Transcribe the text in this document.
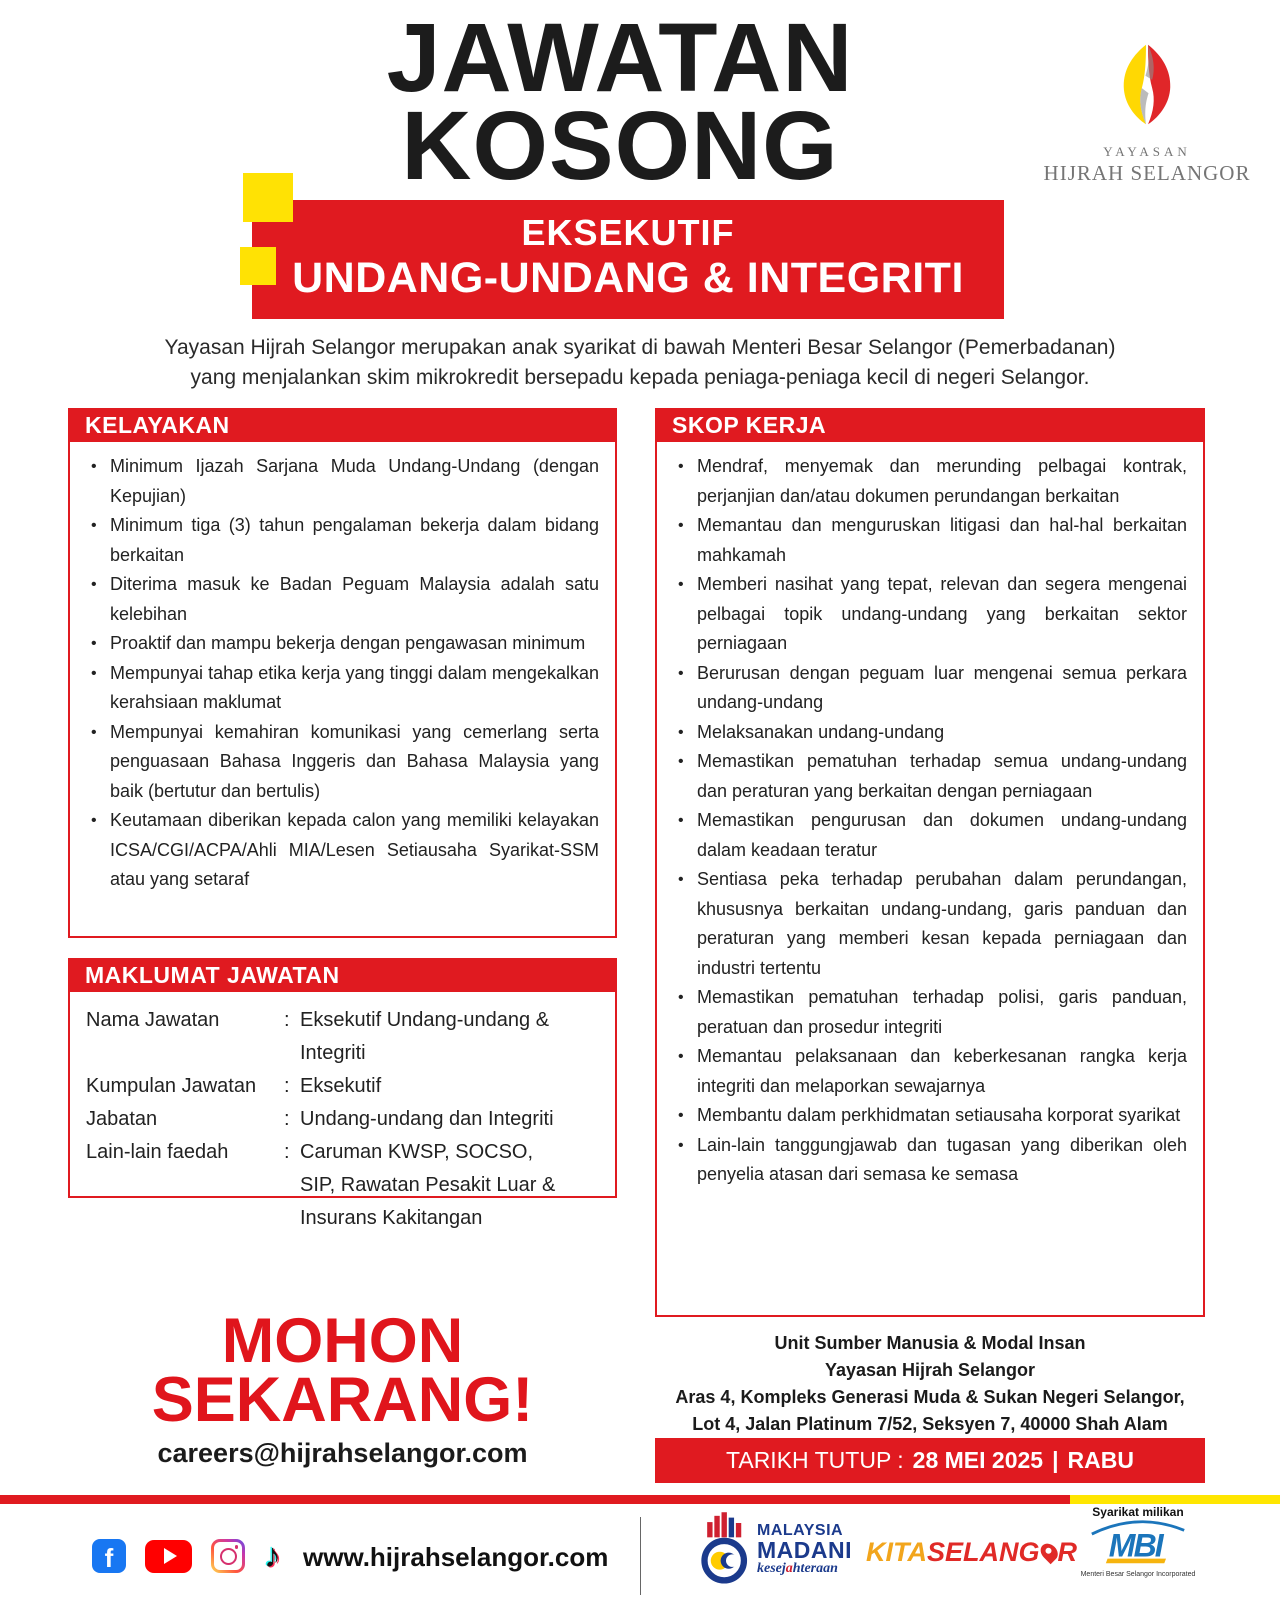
JAWATAN
KOSONG	YAYASAN
HIJRAH SELANGOR
EKSEKUTIF
UNDANG-UNDANG & INTEGRITI
Yayasan Hijrah Selangor merupakan anak syarikat di bawah Menteri Besar Selangor (Pemerbadanan)
yang menjalankan skim mikrokredit bersepadu kepada peniaga-peniaga kecil di negeri Selangor.
KELAYAKAN
• Minimum Ijazah Sarjana Muda Undang-Undang (dengan Kepujian)
• Minimum tiga (3) tahun pengalaman bekerja dalam bidang berkaitan
• Diterima masuk ke Badan Peguam Malaysia adalah satu kelebihan
• Proaktif dan mampu bekerja dengan pengawasan minimum
• Mempunyai tahap etika kerja yang tinggi dalam mengekalkan kerahsiaan maklumat
• Mempunyai kemahiran komunikasi yang cemerlang serta penguasaan Bahasa Inggeris dan Bahasa Malaysia yang baik (bertutur dan bertulis)
• Keutamaan diberikan kepada calon yang memiliki kelayakan ICSA/CGI/ACPA/Ahli MIA/Lesen Setiausaha Syarikat-SSM atau yang setaraf
SKOP KERJA
• Mendraf, menyemak dan merunding pelbagai kontrak, perjanjian dan/atau dokumen perundangan berkaitan
• Memantau dan menguruskan litigasi dan hal-hal berkaitan mahkamah
• Memberi nasihat yang tepat, relevan dan segera mengenai pelbagai topik undang-undang yang berkaitan sektor perniagaan
• Berurusan dengan peguam luar mengenai semua perkara undang-undang
• Melaksanakan undang-undang
• Memastikan pematuhan terhadap semua undang-undang dan peraturan yang berkaitan dengan perniagaan
• Memastikan pengurusan dan dokumen undang-undang dalam keadaan teratur
• Sentiasa peka terhadap perubahan dalam perundangan, khususnya berkaitan undang-undang, garis panduan dan peraturan yang memberi kesan kepada perniagaan dan industri tertentu
• Memastikan pematuhan terhadap polisi, garis panduan, peratuan dan prosedur integriti
• Memantau pelaksanaan dan keberkesanan rangka kerja integriti dan melaporkan sewajarnya
• Membantu dalam perkhidmatan setiausaha korporat syarikat
• Lain-lain tanggungjawab dan tugasan yang diberikan oleh penyelia atasan dari semasa ke semasa
MAKLUMAT JAWATAN
Nama Jawatan	: Eksekutif Undang-undang & Integriti
Kumpulan Jawatan	: Eksekutif
Jabatan	: Undang-undang dan Integriti
Lain-lain faedah	: Caruman KWSP, SOCSO,
SIP, Rawatan Pesakit Luar &
Insurans Kakitangan
MOHON
SEKARANG!
careers@hijrahselangor.com
Unit Sumber Manusia & Modal Insan
Yayasan Hijrah Selangor
Aras 4, Kompleks Generasi Muda & Sukan Negeri Selangor,
Lot 4, Jalan Platinum 7/52, Seksyen 7, 40000 Shah Alam
TARIKH TUTUP : 28 MEI 2025 | RABU
f	♪ www.hijrahselangor.com
MALAYSIA
MADANI
kesejahteraan
KITASELANG R
Syarikat milikan
MBI
Menteri Besar Selangor Incorporated
